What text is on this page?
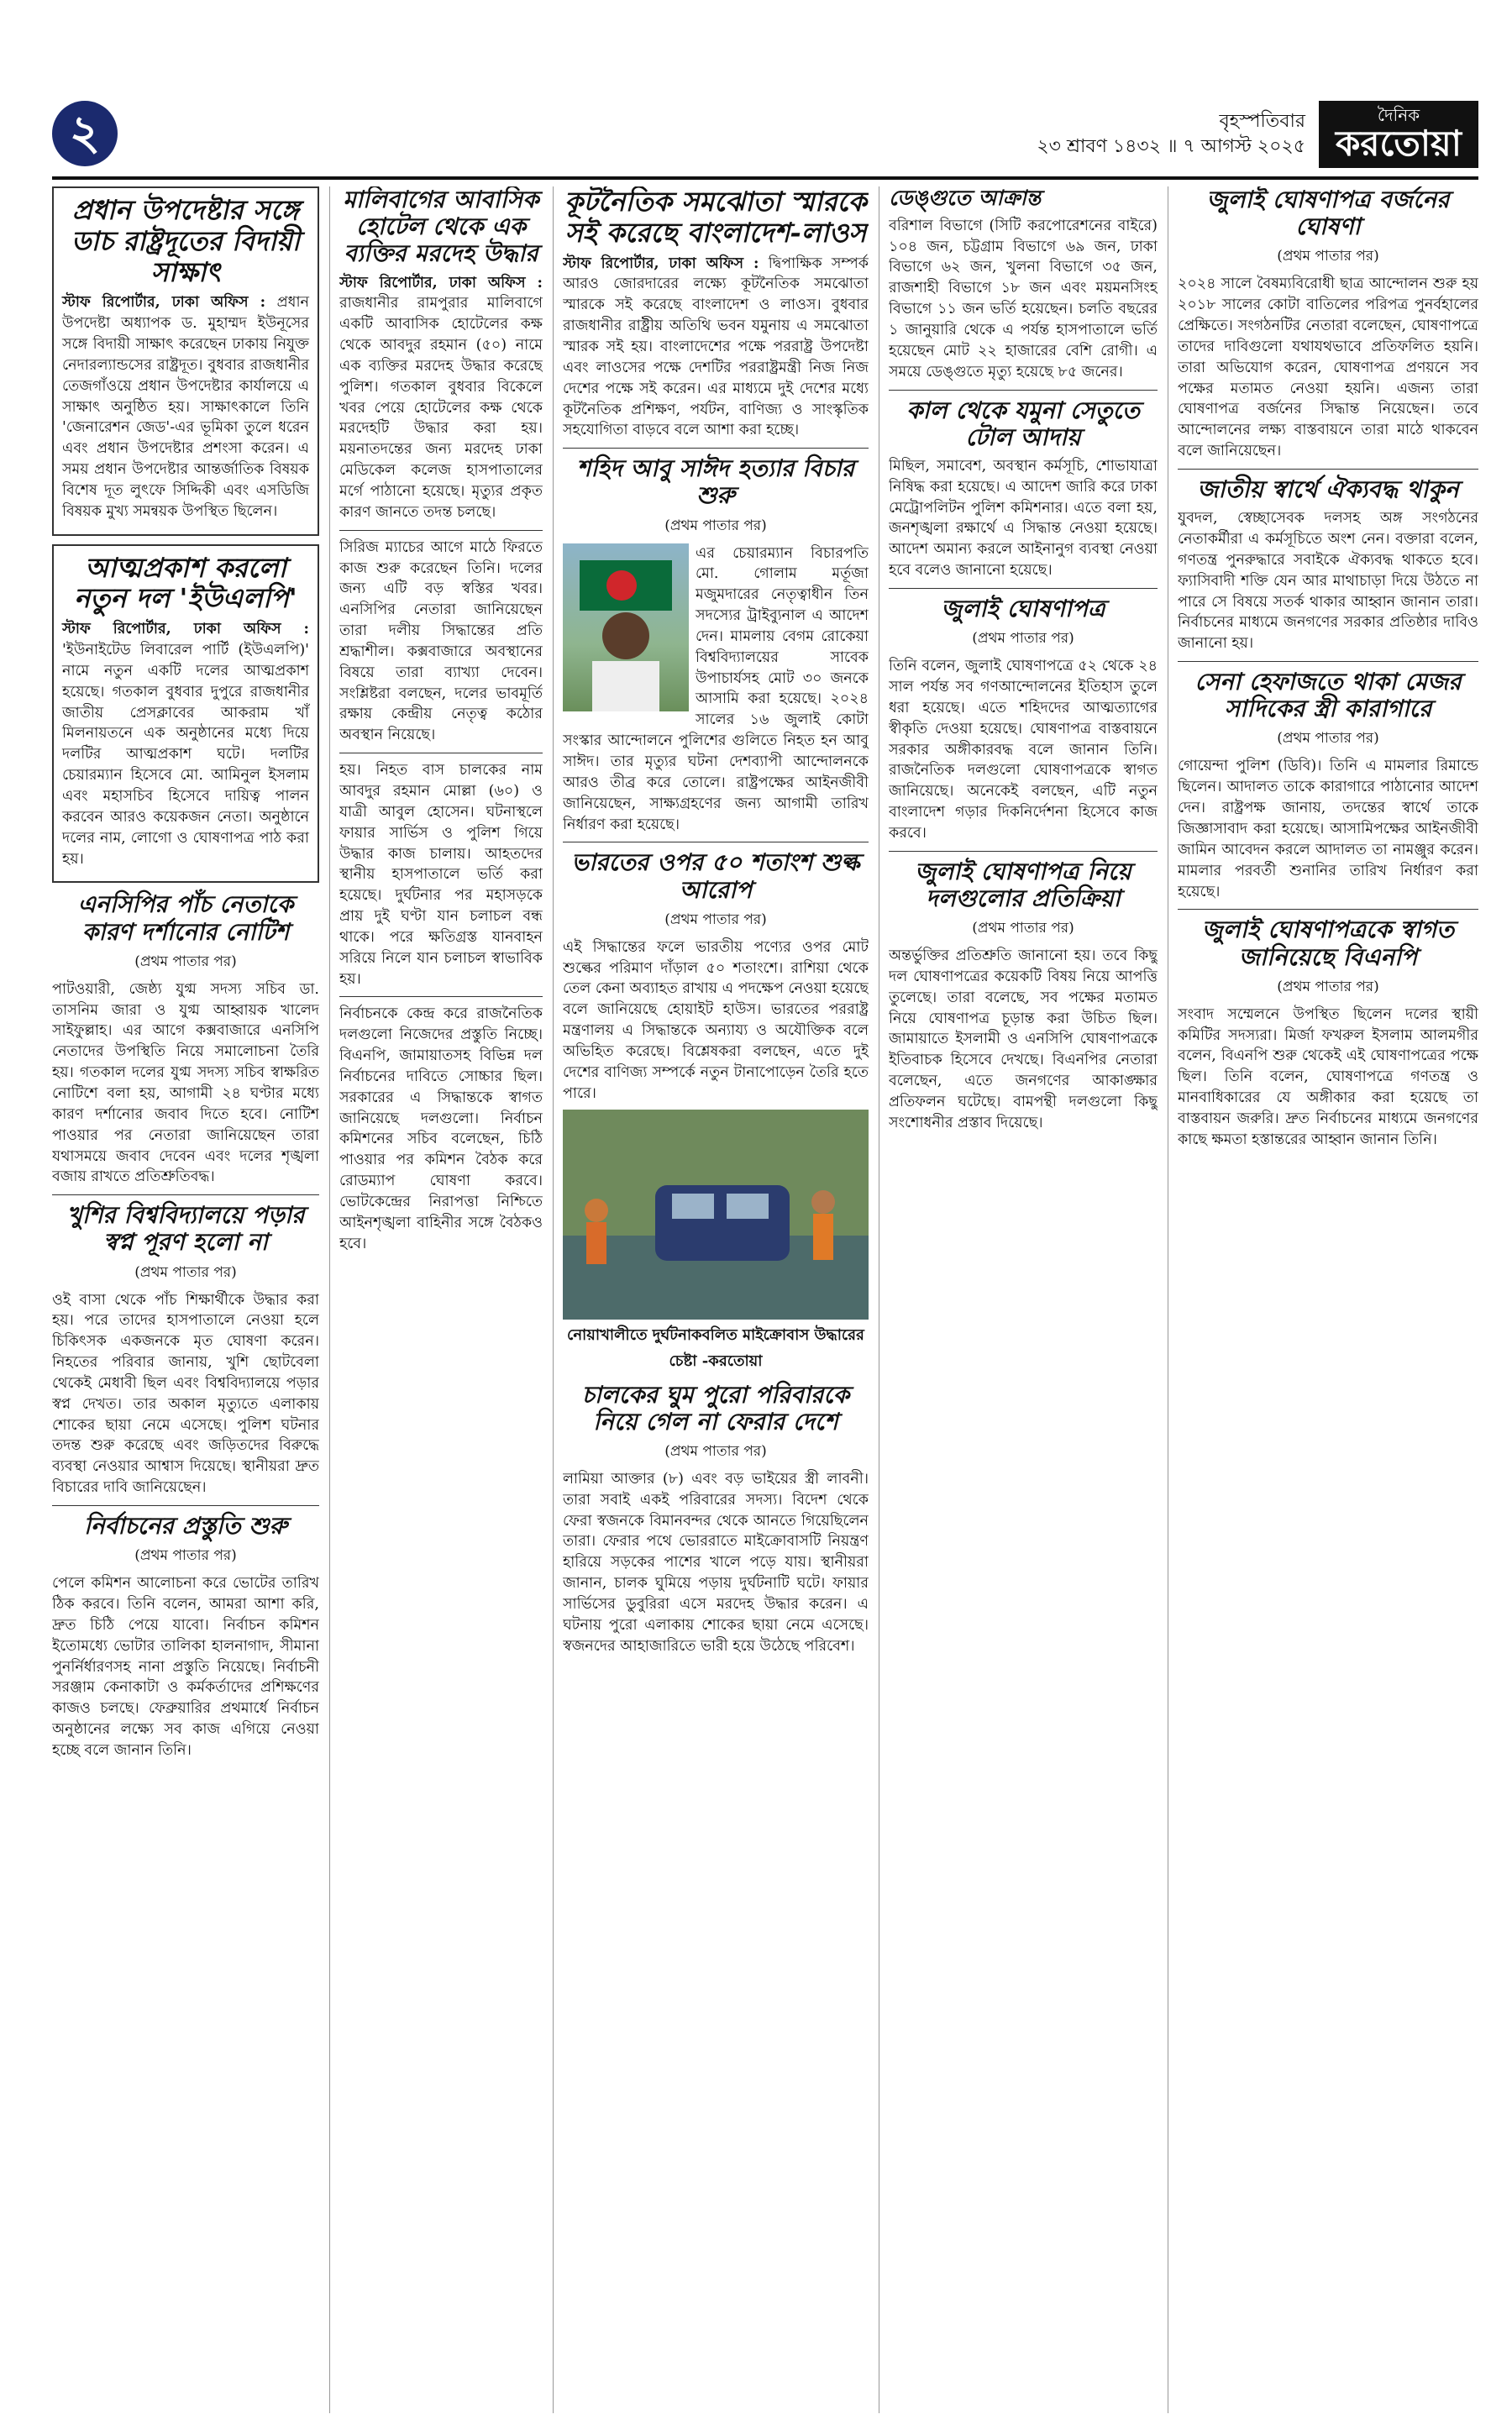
২	বৃহস্পতিবার
২৩ শ্রাবণ ১৪৩২ ॥ ৭ আগস্ট ২০২৫
দৈনিক
করতোয়া
প্রধান উপদেষ্টার সঙ্গে ডাচ রাষ্ট্রদূতের বিদায়ী সাক্ষাৎ

স্টাফ রিপোর্টার, ঢাকা অফিস : প্রধান উপদেষ্টা অধ্যাপক ড. মুহাম্মদ ইউনূসের সঙ্গে বিদায়ী সাক্ষাৎ করেছেন ঢাকায় নিযুক্ত নেদারল্যান্ডসের রাষ্ট্রদূত। বুধবার রাজধানীর তেজগাঁওয়ে প্রধান উপদেষ্টার কার্যালয়ে এ সাক্ষাৎ অনুষ্ঠিত হয়। সাক্ষাৎকালে তিনি 'জেনারেশন জেড'-এর ভূমিকা তুলে ধরেন এবং প্রধান উপদেষ্টার প্রশংসা করেন। এ সময় প্রধান উপদেষ্টার আন্তর্জাতিক বিষয়ক বিশেষ দূত লুৎফে সিদ্দিকী এবং এসডিজি বিষয়ক মুখ্য সমন্বয়ক উপস্থিত ছিলেন।

আত্মপ্রকাশ করলো নতুন দল 'ইউএলপি'

স্টাফ রিপোর্টার, ঢাকা অফিস : 'ইউনাইটেড লিবারেল পার্টি (ইউএলপি)' নামে নতুন একটি দলের আত্মপ্রকাশ হয়েছে। গতকাল বুধবার দুপুরে রাজধানীর জাতীয় প্রেসক্লাবের আকরাম খাঁ মিলনায়তনে এক অনুষ্ঠানের মধ্যে দিয়ে দলটির আত্মপ্রকাশ ঘটে। দলটির চেয়ারম্যান হিসেবে মো. আমিনুল ইসলাম এবং মহাসচিব হিসেবে দায়িত্ব পালন করবেন আরও কয়েকজন নেতা। অনুষ্ঠানে দলের নাম, লোগো ও ঘোষণাপত্র পাঠ করা হয়।

এনসিপির পাঁচ নেতাকে কারণ দর্শানোর নোটিশ
(প্রথম পাতার পর)

পাটওয়ারী, জেষ্ঠ্য যুগ্ম সদস্য সচিব ডা. তাসনিম জারা ও যুগ্ম আহ্বায়ক খালেদ সাইফুল্লাহ। এর আগে কক্সবাজারে এনসিপি নেতাদের উপস্থিতি নিয়ে সমালোচনা তৈরি হয়। গতকাল দলের যুগ্ম সদস্য সচিব স্বাক্ষরিত নোটিশে বলা হয়, আগামী ২৪ ঘণ্টার মধ্যে কারণ দর্শানোর জবাব দিতে হবে। নোটিশ পাওয়ার পর নেতারা জানিয়েছেন তারা যথাসময়ে জবাব দেবেন এবং দলের শৃঙ্খলা বজায় রাখতে প্রতিশ্রুতিবদ্ধ।

খুশির বিশ্ববিদ্যালয়ে পড়ার স্বপ্ন পূরণ হলো না
(প্রথম পাতার পর)

ওই বাসা থেকে পাঁচ শিক্ষার্থীকে উদ্ধার করা হয়। পরে তাদের হাসপাতালে নেওয়া হলে চিকিৎসক একজনকে মৃত ঘোষণা করেন। নিহতের পরিবার জানায়, খুশি ছোটবেলা থেকেই মেধাবী ছিল এবং বিশ্ববিদ্যালয়ে পড়ার স্বপ্ন দেখত। তার অকাল মৃত্যুতে এলাকায় শোকের ছায়া নেমে এসেছে। পুলিশ ঘটনার তদন্ত শুরু করেছে এবং জড়িতদের বিরুদ্ধে ব্যবস্থা নেওয়ার আশ্বাস দিয়েছে। স্থানীয়রা দ্রুত বিচারের দাবি জানিয়েছেন।

নির্বাচনের প্রস্তুতি শুরু
(প্রথম পাতার পর)

পেলে কমিশন আলোচনা করে ভোটের তারিখ ঠিক করবে। তিনি বলেন, আমরা আশা করি, দ্রুত চিঠি পেয়ে যাবো। নির্বাচন কমিশন ইতোমধ্যে ভোটার তালিকা হালনাগাদ, সীমানা পুনর্নির্ধারণসহ নানা প্রস্তুতি নিয়েছে। নির্বাচনী সরঞ্জাম কেনাকাটা ও কর্মকর্তাদের প্রশিক্ষণের কাজও চলছে। ফেব্রুয়ারির প্রথমার্ধে নির্বাচন অনুষ্ঠানের লক্ষ্যে সব কাজ এগিয়ে নেওয়া হচ্ছে বলে জানান তিনি।

মালিবাগের আবাসিক হোটেল থেকে এক ব্যক্তির মরদেহ উদ্ধার

স্টাফ রিপোর্টার, ঢাকা অফিস : রাজধানীর রামপুরার মালিবাগে একটি আবাসিক হোটেলের কক্ষ থেকে আবদুর রহমান (৫০) নামে এক ব্যক্তির মরদেহ উদ্ধার করেছে পুলিশ। গতকাল বুধবার বিকেলে খবর পেয়ে হোটেলের কক্ষ থেকে মরদেহটি উদ্ধার করা হয়। ময়নাতদন্তের জন্য মরদেহ ঢাকা মেডিকেল কলেজ হাসপাতালের মর্গে পাঠানো হয়েছে। মৃত্যুর প্রকৃত কারণ জানতে তদন্ত চলছে।

সিরিজ ম্যাচের আগে মাঠে ফিরতে কাজ শুরু করেছেন তিনি। দলের জন্য এটি বড় স্বস্তির খবর। এনসিপির নেতারা জানিয়েছেন তারা দলীয় সিদ্ধান্তের প্রতি শ্রদ্ধাশীল। কক্সবাজারে অবস্থানের বিষয়ে তারা ব্যাখ্যা দেবেন। সংশ্লিষ্টরা বলছেন, দলের ভাবমূর্তি রক্ষায় কেন্দ্রীয় নেতৃত্ব কঠোর অবস্থান নিয়েছে।

হয়। নিহত বাস চালকের নাম আবদুর রহমান মোল্লা (৬০) ও যাত্রী আবুল হোসেন। ঘটনাস্থলে ফায়ার সার্ভিস ও পুলিশ গিয়ে উদ্ধার কাজ চালায়। আহতদের স্থানীয় হাসপাতালে ভর্তি করা হয়েছে। দুর্ঘটনার পর মহাসড়কে প্রায় দুই ঘণ্টা যান চলাচল বন্ধ থাকে। পরে ক্ষতিগ্রস্ত যানবাহন সরিয়ে নিলে যান চলাচল স্বাভাবিক হয়।

নির্বাচনকে কেন্দ্র করে রাজনৈতিক দলগুলো নিজেদের প্রস্তুতি নিচ্ছে। বিএনপি, জামায়াতসহ বিভিন্ন দল নির্বাচনের দাবিতে সোচ্চার ছিল। সরকারের এ সিদ্ধান্তকে স্বাগত জানিয়েছে দলগুলো। নির্বাচন কমিশনের সচিব বলেছেন, চিঠি পাওয়ার পর কমিশন বৈঠক করে রোডম্যাপ ঘোষণা করবে। ভোটকেন্দ্রের নিরাপত্তা নিশ্চিতে আইনশৃঙ্খলা বাহিনীর সঙ্গে বৈঠকও হবে।

কূটনৈতিক সমঝোতা স্মারকে সই করেছে বাংলাদেশ-লাওস

স্টাফ রিপোর্টার, ঢাকা অফিস : দ্বিপাক্ষিক সম্পর্ক আরও জোরদারের লক্ষ্যে কূটনৈতিক সমঝোতা স্মারকে সই করেছে বাংলাদেশ ও লাওস। বুধবার রাজধানীর রাষ্ট্রীয় অতিথি ভবন যমুনায় এ সমঝোতা স্মারক সই হয়। বাংলাদেশের পক্ষে পররাষ্ট্র উপদেষ্টা এবং লাওসের পক্ষে দেশটির পররাষ্ট্রমন্ত্রী নিজ নিজ দেশের পক্ষে সই করেন। এর মাধ্যমে দুই দেশের মধ্যে কূটনৈতিক প্রশিক্ষণ, পর্যটন, বাণিজ্য ও সাংস্কৃতিক সহযোগিতা বাড়বে বলে আশা করা হচ্ছে।

শহিদ আবু সাঈদ হত্যার বিচার শুরু
(প্রথম পাতার পর)

এর চেয়ারম্যান বিচারপতি মো. গোলাম মর্তূজা মজুমদারের নেতৃত্বাধীন তিন সদস্যের ট্রাইব্যুনাল এ আদেশ দেন। মামলায় বেগম রোকেয়া বিশ্ববিদ্যালয়ের সাবেক উপাচার্যসহ মোট ৩০ জনকে আসামি করা হয়েছে। ২০২৪ সালের ১৬ জুলাই কোটা সংস্কার আন্দোলনে পুলিশের গুলিতে নিহত হন আবু সাঈদ। তার মৃত্যুর ঘটনা দেশব্যাপী আন্দোলনকে আরও তীব্র করে তোলে। রাষ্ট্রপক্ষের আইনজীবী জানিয়েছেন, সাক্ষ্যগ্রহণের জন্য আগামী তারিখ নির্ধারণ করা হয়েছে।

ভারতের ওপর ৫০ শতাংশ শুল্ক আরোপ
(প্রথম পাতার পর)

এই সিদ্ধান্তের ফলে ভারতীয় পণ্যের ওপর মোট শুল্কের পরিমাণ দাঁড়াল ৫০ শতাংশে। রাশিয়া থেকে তেল কেনা অব্যাহত রাখায় এ পদক্ষেপ নেওয়া হয়েছে বলে জানিয়েছে হোয়াইট হাউস। ভারতের পররাষ্ট্র মন্ত্রণালয় এ সিদ্ধান্তকে অন্যায্য ও অযৌক্তিক বলে অভিহিত করেছে। বিশ্লেষকরা বলছেন, এতে দুই দেশের বাণিজ্য সম্পর্কে নতুন টানাপোড়েন তৈরি হতে পারে।

নোয়াখালীতে দুর্ঘটনাকবলিত মাইক্রোবাস উদ্ধারের চেষ্টা -করতোয়া
চালকের ঘুম পুরো পরিবারকে নিয়ে গেল না ফেরার দেশে
(প্রথম পাতার পর)

লামিয়া আক্তার (৮) এবং বড় ভাইয়ের স্ত্রী লাবনী। তারা সবাই একই পরিবারের সদস্য। বিদেশ থেকে ফেরা স্বজনকে বিমানবন্দর থেকে আনতে গিয়েছিলেন তারা। ফেরার পথে ভোররাতে মাইক্রোবাসটি নিয়ন্ত্রণ হারিয়ে সড়কের পাশের খালে পড়ে যায়। স্থানীয়রা জানান, চালক ঘুমিয়ে পড়ায় দুর্ঘটনাটি ঘটে। ফায়ার সার্ভিসের ডুবুরিরা এসে মরদেহ উদ্ধার করেন। এ ঘটনায় পুরো এলাকায় শোকের ছায়া নেমে এসেছে। স্বজনদের আহাজারিতে ভারী হয়ে উঠেছে পরিবেশ।

ডেঙ্গুতে আক্রান্ত

বরিশাল বিভাগে (সিটি করপোরেশনের বাইরে) ১০৪ জন, চট্টগ্রাম বিভাগে ৬৯ জন, ঢাকা বিভাগে ৬২ জন, খুলনা বিভাগে ৩৫ জন, রাজশাহী বিভাগে ১৮ জন এবং ময়মনসিংহ বিভাগে ১১ জন ভর্তি হয়েছেন। চলতি বছরের ১ জানুয়ারি থেকে এ পর্যন্ত হাসপাতালে ভর্তি হয়েছেন মোট ২২ হাজারের বেশি রোগী। এ সময়ে ডেঙ্গুতে মৃত্যু হয়েছে ৮৫ জনের।

কাল থেকে যমুনা সেতুতে টোল আদায়

মিছিল, সমাবেশ, অবস্থান কর্মসূচি, শোভাযাত্রা নিষিদ্ধ করা হয়েছে। এ আদেশ জারি করে ঢাকা মেট্রোপলিটন পুলিশ কমিশনার। এতে বলা হয়, জনশৃঙ্খলা রক্ষার্থে এ সিদ্ধান্ত নেওয়া হয়েছে। আদেশ অমান্য করলে আইনানুগ ব্যবস্থা নেওয়া হবে বলেও জানানো হয়েছে।

জুলাই ঘোষণাপত্র
(প্রথম পাতার পর)

তিনি বলেন, জুলাই ঘোষণাপত্রে ৫২ থেকে ২৪ সাল পর্যন্ত সব গণআন্দোলনের ইতিহাস তুলে ধরা হয়েছে। এতে শহিদদের আত্মত্যাগের স্বীকৃতি দেওয়া হয়েছে। ঘোষণাপত্র বাস্তবায়নে সরকার অঙ্গীকারবদ্ধ বলে জানান তিনি। রাজনৈতিক দলগুলো ঘোষণাপত্রকে স্বাগত জানিয়েছে। অনেকেই বলছেন, এটি নতুন বাংলাদেশ গড়ার দিকনির্দেশনা হিসেবে কাজ করবে।

জুলাই ঘোষণাপত্র নিয়ে দলগুলোর প্রতিক্রিয়া
(প্রথম পাতার পর)

অন্তর্ভুক্তির প্রতিশ্রুতি জানানো হয়। তবে কিছু দল ঘোষণাপত্রের কয়েকটি বিষয় নিয়ে আপত্তি তুলেছে। তারা বলেছে, সব পক্ষের মতামত নিয়ে ঘোষণাপত্র চূড়ান্ত করা উচিত ছিল। জামায়াতে ইসলামী ও এনসিপি ঘোষণাপত্রকে ইতিবাচক হিসেবে দেখছে। বিএনপির নেতারা বলেছেন, এতে জনগণের আকাঙ্ক্ষার প্রতিফলন ঘটেছে। বামপন্থী দলগুলো কিছু সংশোধনীর প্রস্তাব দিয়েছে।

জুলাই ঘোষণাপত্র বর্জনের ঘোষণা
(প্রথম পাতার পর)

২০২৪ সালে বৈষম্যবিরোধী ছাত্র আন্দোলন শুরু হয় ২০১৮ সালের কোটা বাতিলের পরিপত্র পুনর্বহালের প্রেক্ষিতে। সংগঠনটির নেতারা বলেছেন, ঘোষণাপত্রে তাদের দাবিগুলো যথাযথভাবে প্রতিফলিত হয়নি। তারা অভিযোগ করেন, ঘোষণাপত্র প্রণয়নে সব পক্ষের মতামত নেওয়া হয়নি। এজন্য তারা ঘোষণাপত্র বর্জনের সিদ্ধান্ত নিয়েছেন। তবে আন্দোলনের লক্ষ্য বাস্তবায়নে তারা মাঠে থাকবেন বলে জানিয়েছেন।

জাতীয় স্বার্থে ঐক্যবদ্ধ থাকুন

যুবদল, স্বেচ্ছাসেবক দলসহ অঙ্গ সংগঠনের নেতাকর্মীরা এ কর্মসূচিতে অংশ নেন। বক্তারা বলেন, গণতন্ত্র পুনরুদ্ধারে সবাইকে ঐক্যবদ্ধ থাকতে হবে। ফ্যাসিবাদী শক্তি যেন আর মাথাচাড়া দিয়ে উঠতে না পারে সে বিষয়ে সতর্ক থাকার আহ্বান জানান তারা। নির্বাচনের মাধ্যমে জনগণের সরকার প্রতিষ্ঠার দাবিও জানানো হয়।

সেনা হেফাজতে থাকা মেজর সাদিকের স্ত্রী কারাগারে
(প্রথম পাতার পর)

গোয়েন্দা পুলিশ (ডিবি)। তিনি এ মামলার রিমান্ডে ছিলেন। আদালত তাকে কারাগারে পাঠানোর আদেশ দেন। রাষ্ট্রপক্ষ জানায়, তদন্তের স্বার্থে তাকে জিজ্ঞাসাবাদ করা হয়েছে। আসামিপক্ষের আইনজীবী জামিন আবেদন করলে আদালত তা নামঞ্জুর করেন। মামলার পরবর্তী শুনানির তারিখ নির্ধারণ করা হয়েছে।

জুলাই ঘোষণাপত্রকে স্বাগত জানিয়েছে বিএনপি
(প্রথম পাতার পর)

সংবাদ সম্মেলনে উপস্থিত ছিলেন দলের স্থায়ী কমিটির সদস্যরা। মির্জা ফখরুল ইসলাম আলমগীর বলেন, বিএনপি শুরু থেকেই এই ঘোষণাপত্রের পক্ষে ছিল। তিনি বলেন, ঘোষণাপত্রে গণতন্ত্র ও মানবাধিকারের যে অঙ্গীকার করা হয়েছে তা বাস্তবায়ন জরুরি। দ্রুত নির্বাচনের মাধ্যমে জনগণের কাছে ক্ষমতা হস্তান্তরের আহ্বান জানান তিনি।
